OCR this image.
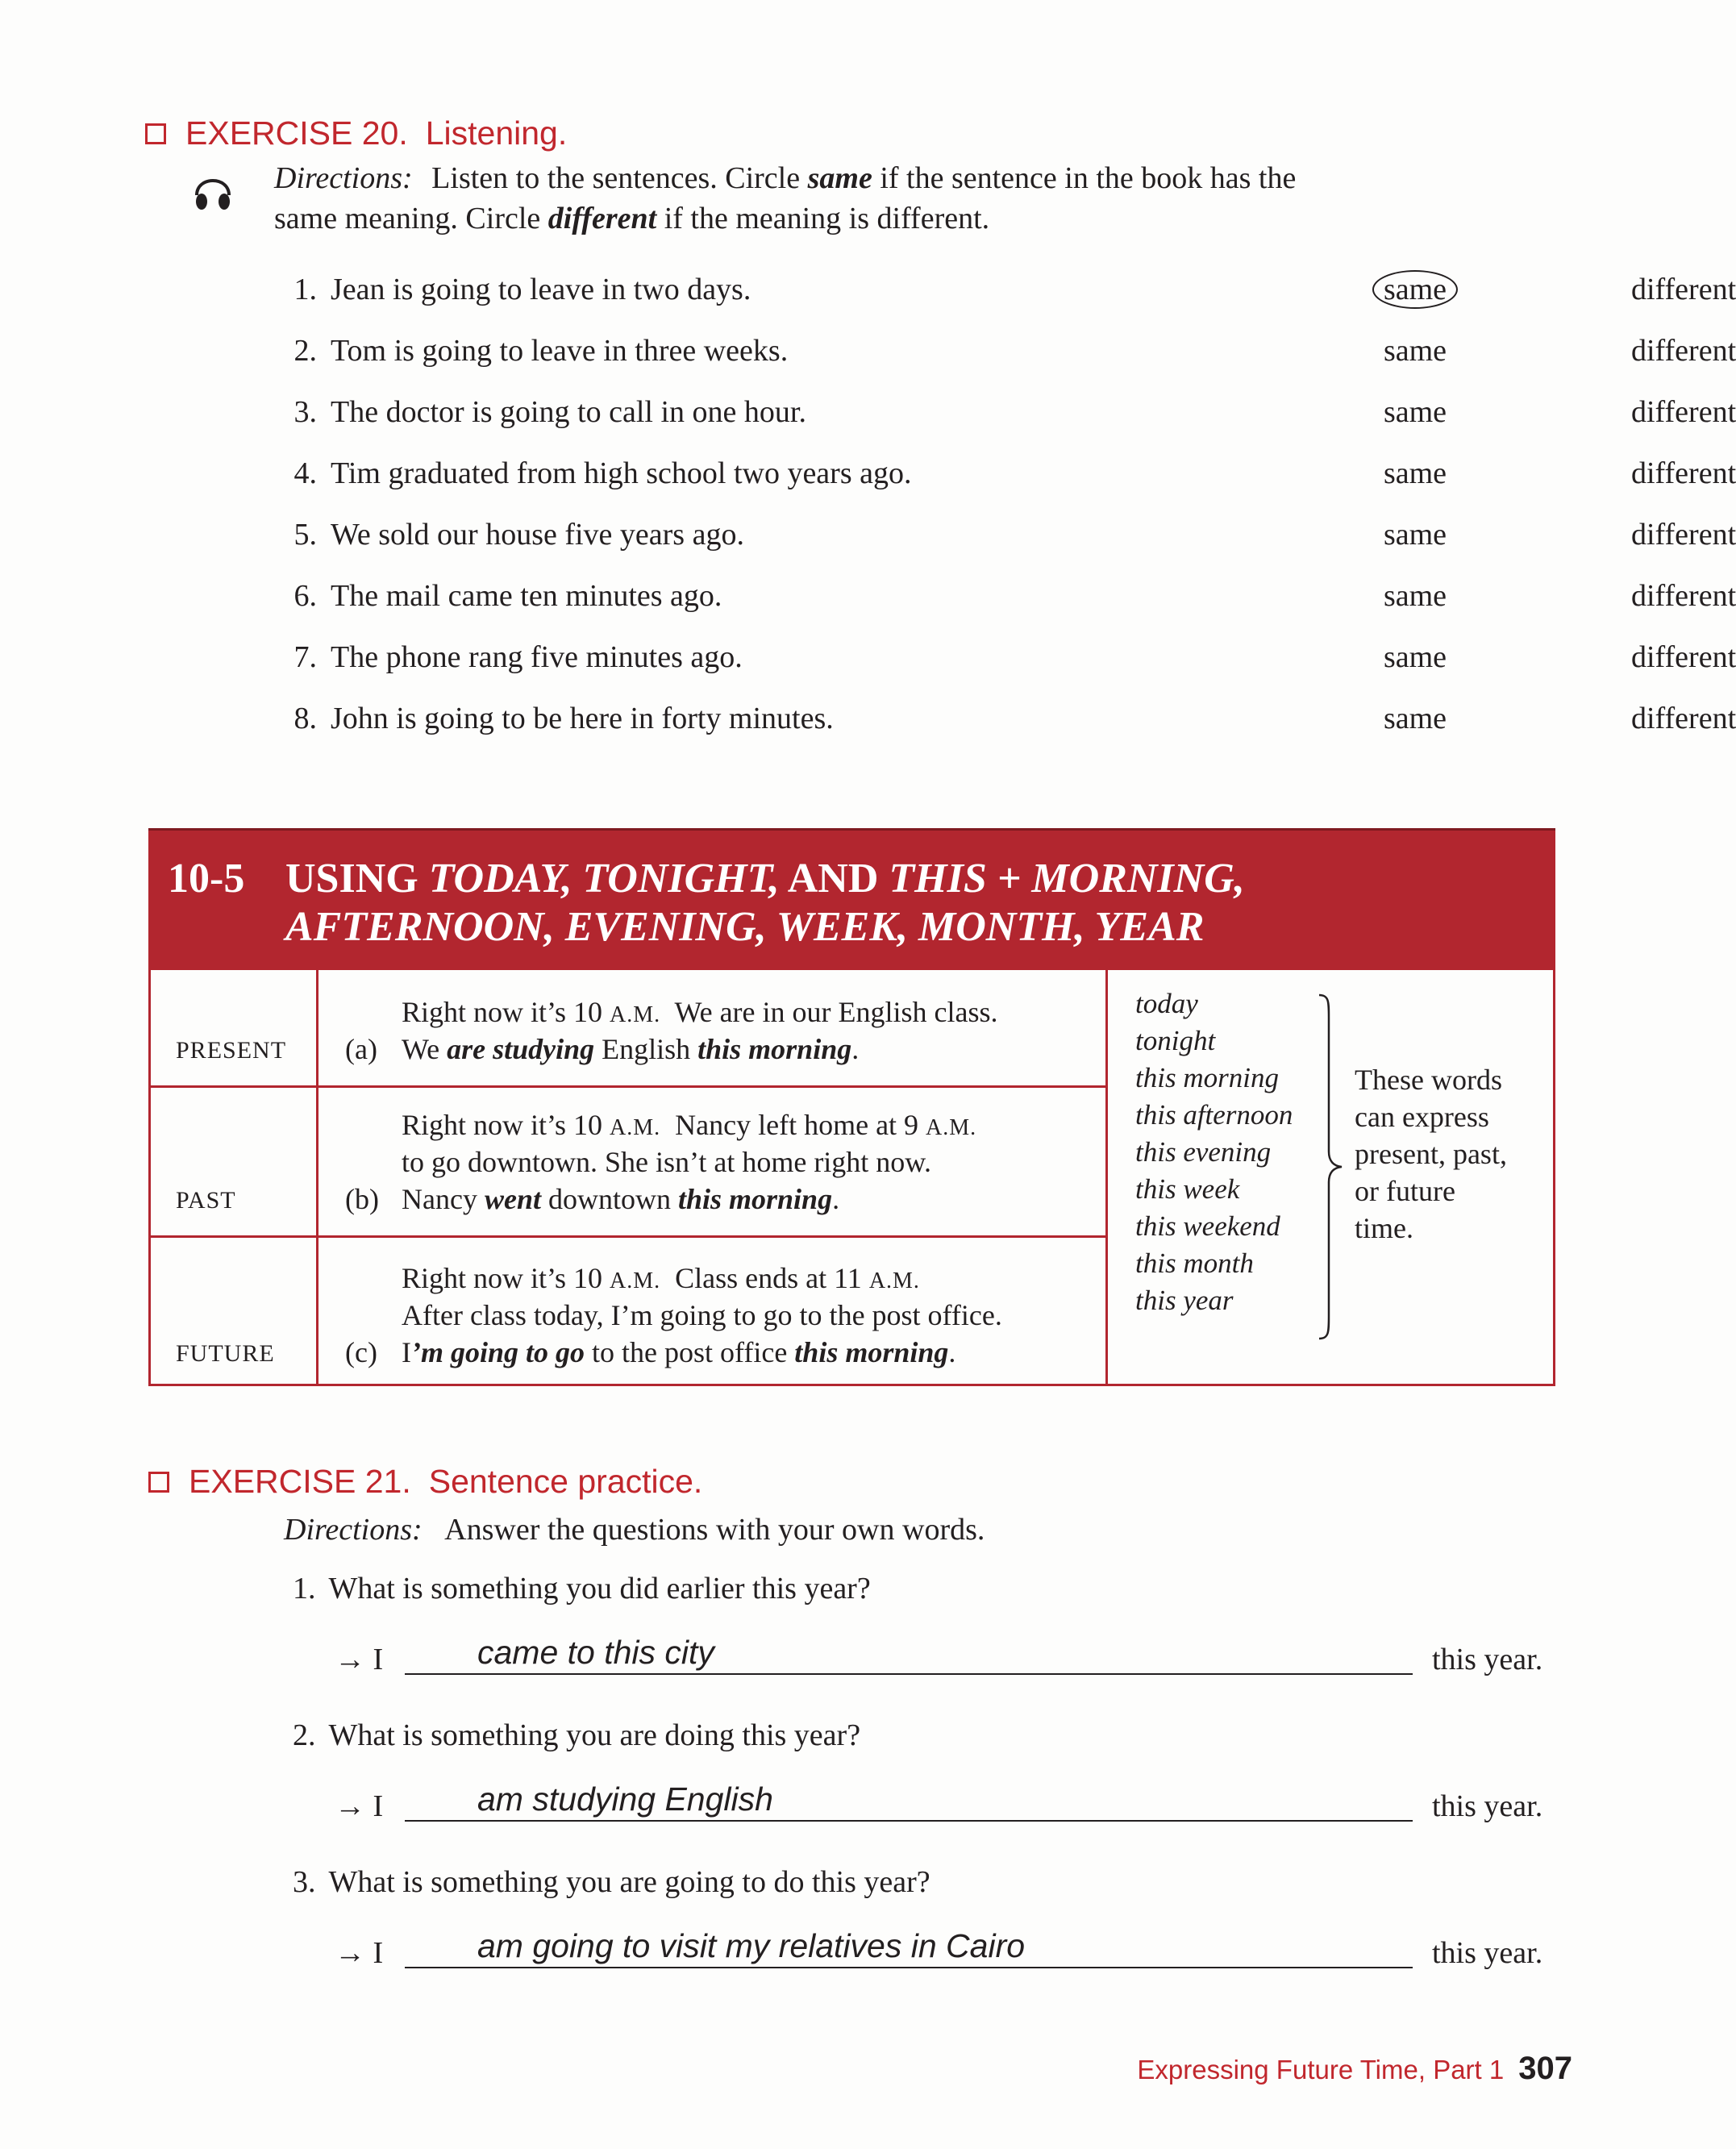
EXERCISE 20. Listening.
Directions: Listen to the sentences. Circle same if the sentence in the book has the
same meaning. Circle different if the meaning is different.
1. Jean is going to leave in two days.	same	different
2. Tom is going to leave in three weeks.	same	different
3. The doctor is going to call in one hour.	same	different
4. Tim graduated from high school two years ago.	same	different
5. We sold our house five years ago.	same	different
6. The mail came ten minutes ago.	same	different
7. The phone rang five minutes ago.	same	different
8. John is going to be here in forty minutes.	same	different
10-5 USING TODAY, TONIGHT, AND THIS + MORNING,
AFTERNOON, EVENING, WEEK, MONTH, YEAR
PRESENT
Right now it’s 10 A.M.  We are in our English class.
(a) We are studying English this morning.
PAST
Right now it’s 10 A.M.  Nancy left home at 9 A.M.
to go downtown. She isn’t at home right now.
(b) Nancy went downtown this morning.
FUTURE
Right now it’s 10 A.M.  Class ends at 11 A.M.
After class today, I’m going to go to the post office.
(c) I’m going to go to the post office this morning.
today
tonight
this morning
this afternoon
this evening
this week
this weekend
this month
this year
These words
can express
present, past,
or future
time.
EXERCISE 21. Sentence practice.
Directions: Answer the questions with your own words.
1. What is something you did earlier this year?
→ I	came to this city	this year.
2. What is something you are doing this year?
→ I	am studying English	this year.
3. What is something you are going to do this year?
→ I	am going to visit my relatives in Cairo	this year.
Expressing Future Time, Part 1 307
